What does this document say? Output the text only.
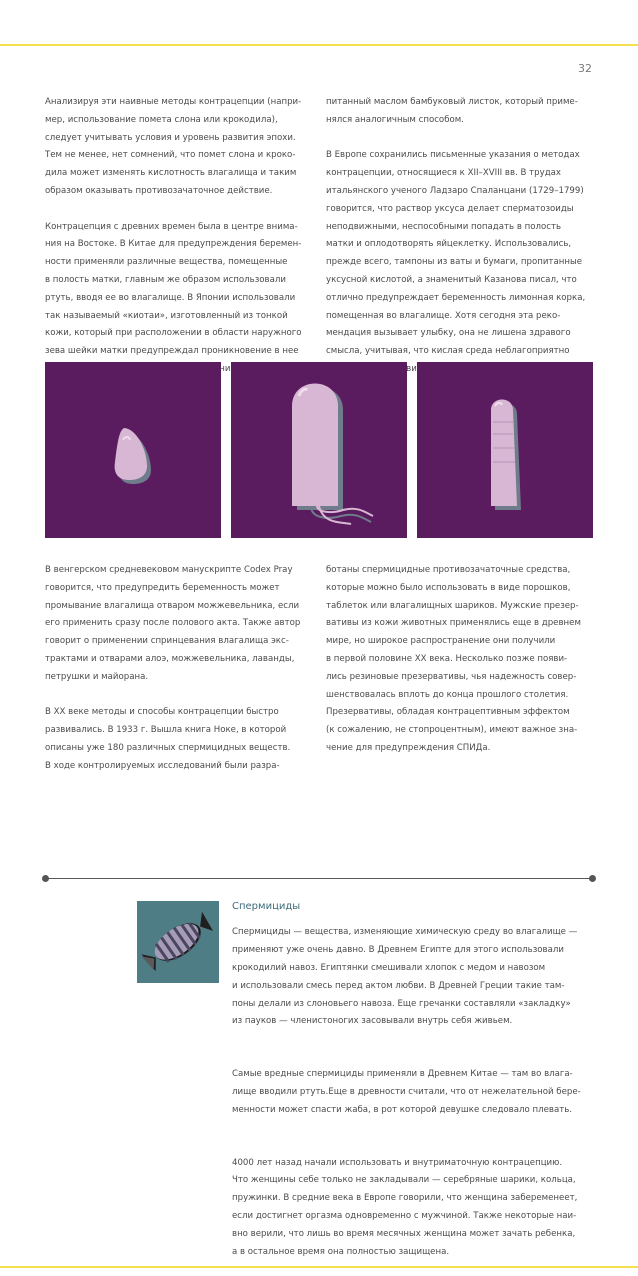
32

Анализируя эти наивные методы контрацепции (напри-
мер, использование помета слона или крокодила),
следует учитывать условия и уровень развития эпохи.
Тем не менее, нет сомнений, что помет слона и кроко-
дила может изменять кислотность влагалища и таким
образом оказывать противозачаточное действие.

Контрацепция с древних времен была в центре внима-
ния на Востоке. В Китае для предупреждения беремен-
ности применяли различные вещества, помещенные
в полость матки, главным же образом использовали
ртуть, вводя ее во влагалище. В Японии использовали
так называемый «киотаи», изготовленный из тонкой
кожи, который при расположении в области наружного
зева шейки матки предупреждал проникновение в нее

питанный маслом бамбуковый листок, который приме-
нялся аналогичным способом.

В Европе сохранились письменные указания о методах
контрацепции, относящиеся к XII–XVIII вв. В трудах
итальянского ученого Ладзаро Спаланцани (1729–1799)
говорится, что раствор уксуса делает сперматозоиды
неподвижными, неспособными попадать в полость
матки и оплодотворять яйцеклетку. Использовались,
прежде всего, тампоны из ваты и бумаги, пропитанные
уксусной кислотой, а знаменитый Казанова писал, что
отлично предупреждает беременность лимонная корка,
помещенная во влагалище. Хотя сегодня эта реко-
мендация вызывает улыбку, она не лишена здравого
смысла, учитывая, что кислая среда неблагоприятно

В венгерском средневековом манускрипте Codex Pray
говорится, что предупредить беременность может
промывание влагалища отваром можжевельника, если
его применить сразу после полового акта. Также автор
говорит о применении спринцевания влагалища экс-
трактами и отварами алоэ, можжевельника, лаванды,
петрушки и майорана.

В XX веке методы и способы контрацепции быстро
развивались. В 1933 г. Вышла книга Ноке, в которой
описаны уже 180 различных спермицидных веществ.
В ходе контролируемых исследований были разра-

ботаны спермицидные противозачаточные средства,
которые можно было использовать в виде порошков,
таблеток или влагалищных шариков. Мужские презер-
вативы из кожи животных применялись еще в древнем
мире, но широкое распространение они получили
в первой половине XX века. Несколько позже появи-
лись резиновые презервативы, чья надежность совер-
шенствовалась вплоть до конца прошлого столетия.
Презервативы, обладая контрацептивным эффектом
(к сожалению, не стопроцентным), имеют важное зна-
чение для предупреждения СПИДа.

Спермициды

Спермициды — вещества, изменяющие химическую среду во влагалище —
применяют уже очень давно. В Древнем Египте для этого использовали
крокодилий навоз. Египтянки смешивали хлопок с медом и навозом
и использовали смесь перед актом любви. В Древней Греции такие там-
поны делали из слоновьего навоза. Еще гречанки составляли «закладку»
из пауков — членистоногих засовывали внутрь себя живьем.

Самые вредные спермициды применяли в Древнем Китае — там во влага-
лище вводили ртуть.Еще в древности считали, что от нежелательной бере-
менности может спасти жаба, в рот которой девушке следовало плевать.

4000 лет назад начали использовать и внутриматочную контрацепцию.
Что женщины себе только не закладывали — серебряные шарики, кольца,
пружинки. В средние века в Европе говорили, что женщина забеременеет,
если достигнет оргазма одновременно с мужчиной. Также некоторые наи-
вно верили, что лишь во время месячных женщина может зачать ребенка,
а в остальное время она полностью защищена.
